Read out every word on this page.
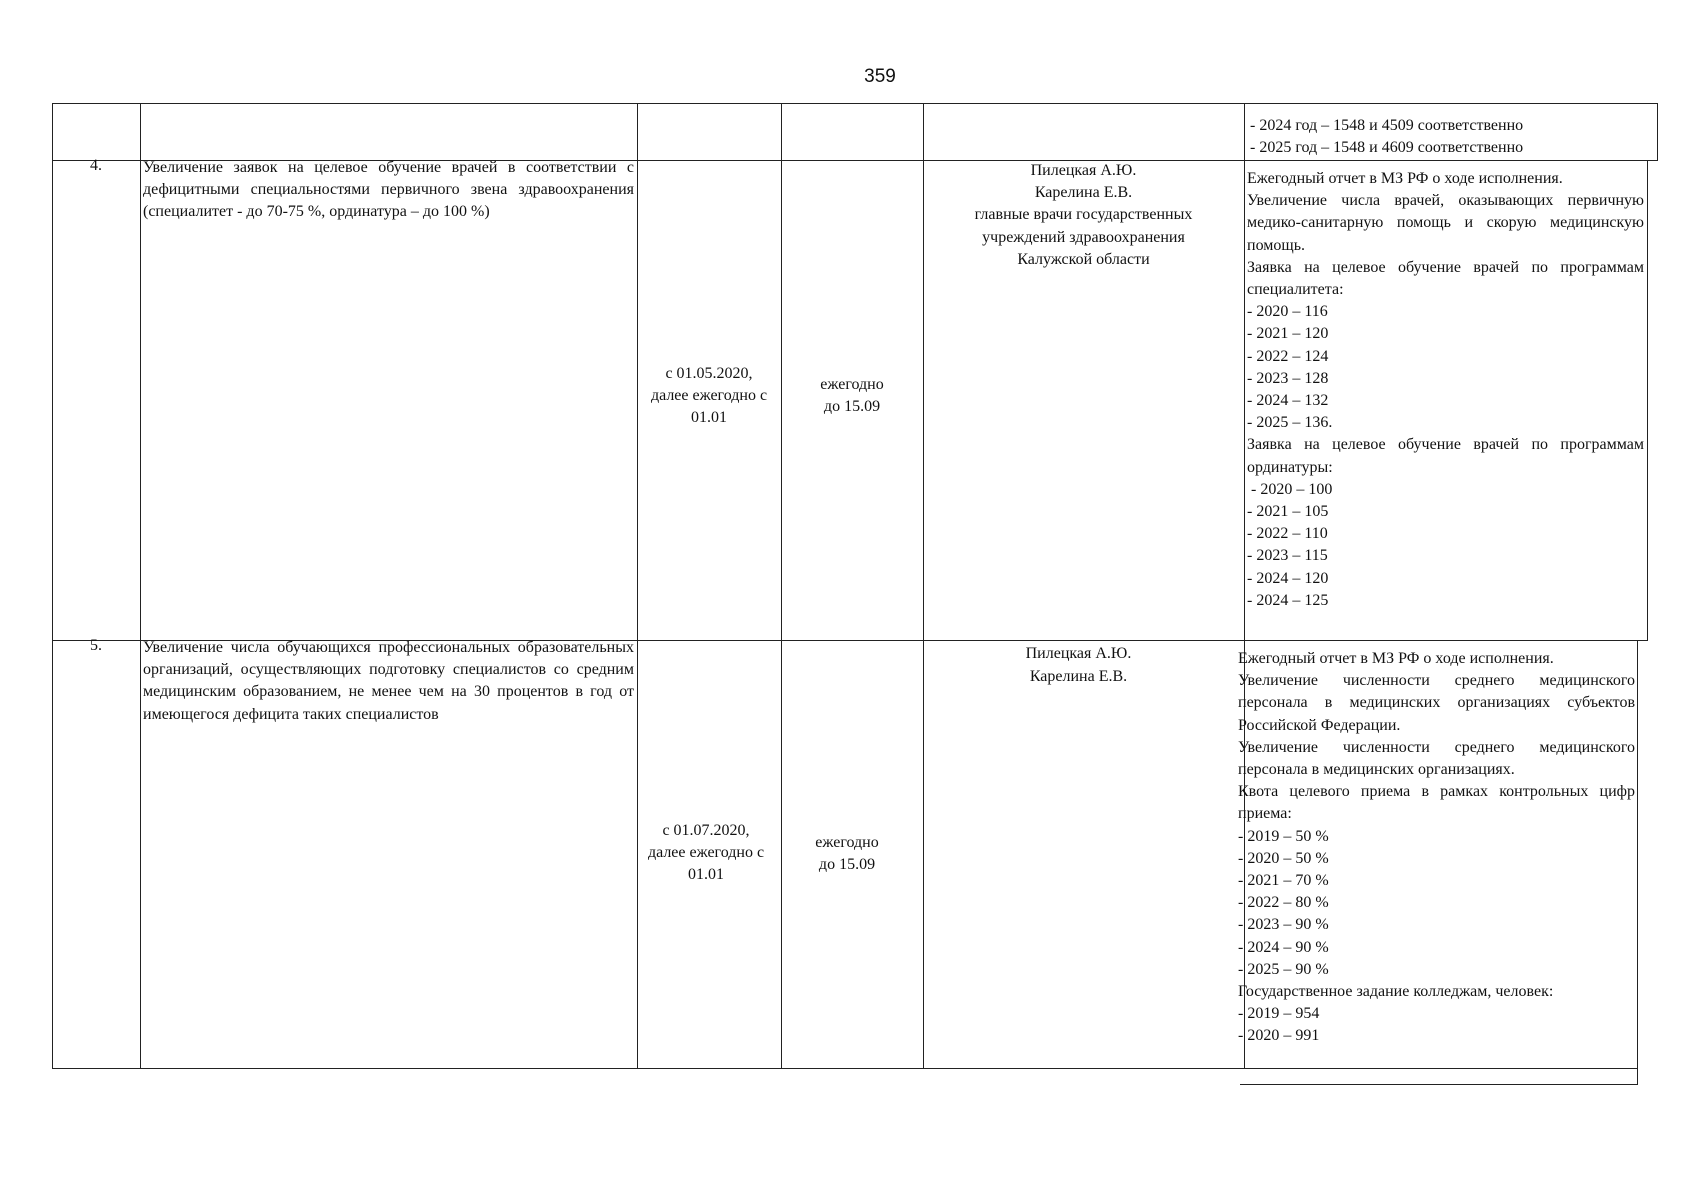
359
- 2024 год – 1548 и 4509 соответственно
- 2025 год – 1548 и 4609 соответственно
4.	Увеличение заявок на целевое обучение врачей в соответствии с дефицитными специальностями первичного звена здравоохранения (специалитет - до 70-75 %, ординатура – до 100 %)
с 01.05.2020,
далее ежегодно с
01.01
ежегодно
до 15.09
Пилецкая А.Ю.
Карелина Е.В.
главные врачи государственных
учреждений здравоохранения
Калужской области
Ежегодный отчет в МЗ РФ о ходе исполнения.
Увеличение числа врачей, оказывающих первичную медико-санитарную помощь и скорую медицинскую помощь.
Заявка на целевое обучение врачей по программам специалитета:
- 2020 – 116
- 2021 – 120
- 2022 – 124
- 2023 – 128
- 2024 – 132
- 2025 – 136.
Заявка на целевое обучение врачей по программам ординатуры:
- 2020 – 100
- 2021 – 105
- 2022 – 110
- 2023 – 115
- 2024 – 120
- 2024 – 125
5.	Увеличение числа обучающихся профессиональных образовательных организаций, осуществляющих подготовку специалистов со средним медицинским образованием, не менее чем на 30 процентов в год от имеющегося дефицита таких специалистов
с 01.07.2020,
далее ежегодно с
01.01
ежегодно
до 15.09
Пилецкая А.Ю.
Карелина Е.В.
Ежегодный отчет в МЗ РФ о ходе исполнения.
Увеличение численности среднего медицинского персонала в медицинских организациях субъектов Российской Федерации.
Увеличение численности среднего медицинского персонала в медицинских организациях.
Квота целевого приема в рамках контрольных цифр приема:
- 2019 – 50 %
- 2020 – 50 %
- 2021 – 70 %
- 2022 – 80 %
- 2023 – 90 %
- 2024 – 90 %
- 2025 – 90 %
Государственное задание колледжам, человек:
- 2019 – 954
- 2020 – 991
